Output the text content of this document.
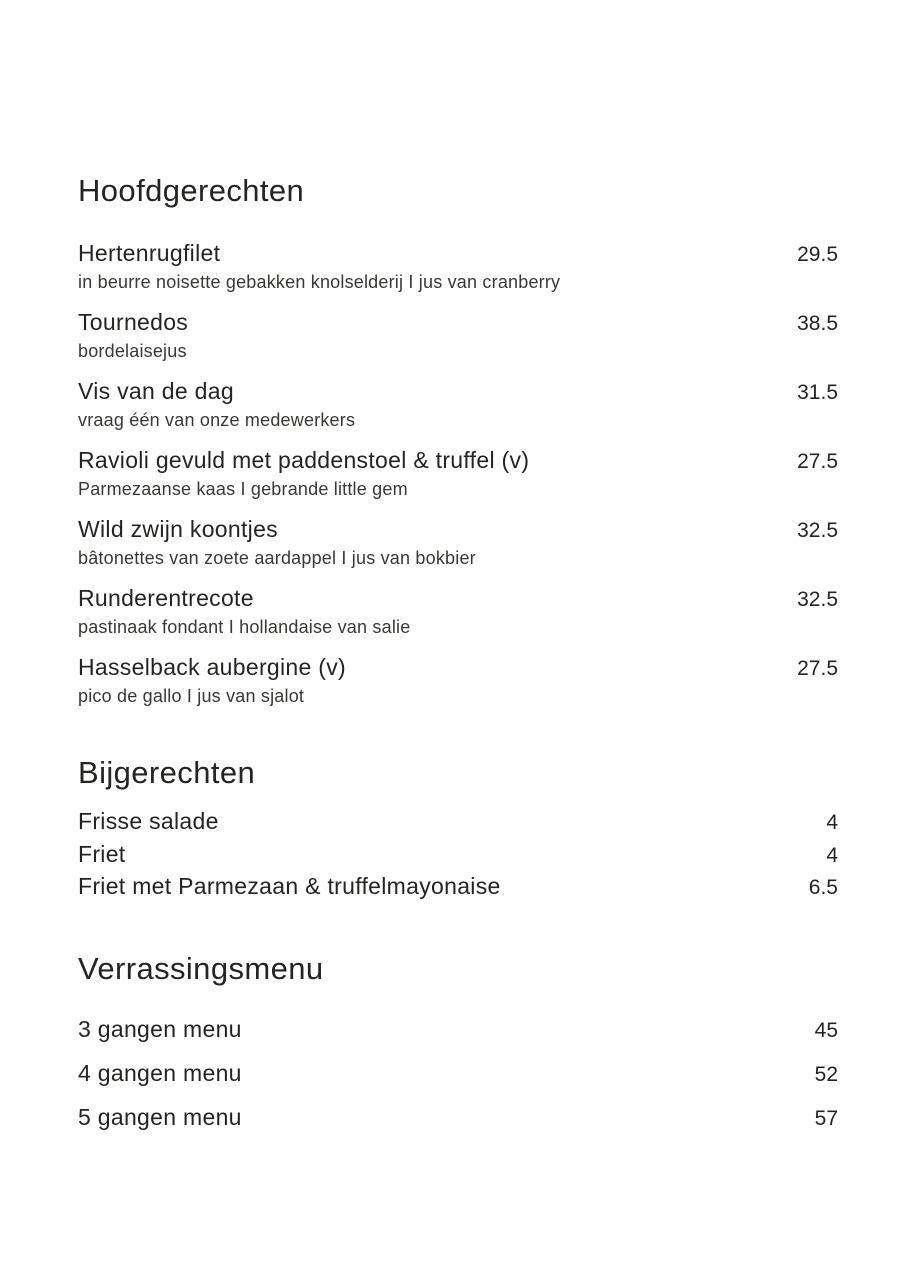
Hoofdgerechten
Hertenrugfilet	29.5
in beurre noisette gebakken knolselderij I jus van cranberry
Tournedos	38.5
bordelaisejus
Vis van de dag	31.5
vraag één van onze medewerkers
Ravioli gevuld met paddenstoel & truffel (v)	27.5
Parmezaanse kaas I gebrande little gem
Wild zwijn koontjes	32.5
bâtonettes van zoete aardappel I jus van bokbier
Runderentrecote	32.5
pastinaak fondant I hollandaise van salie
Hasselback aubergine (v)	27.5
pico de gallo I jus van sjalot
Bijgerechten
Frisse salade	4
Friet	4
Friet met Parmezaan & truffelmayonaise	6.5
Verrassingsmenu
3 gangen menu	45
4 gangen menu	52
5 gangen menu	57
